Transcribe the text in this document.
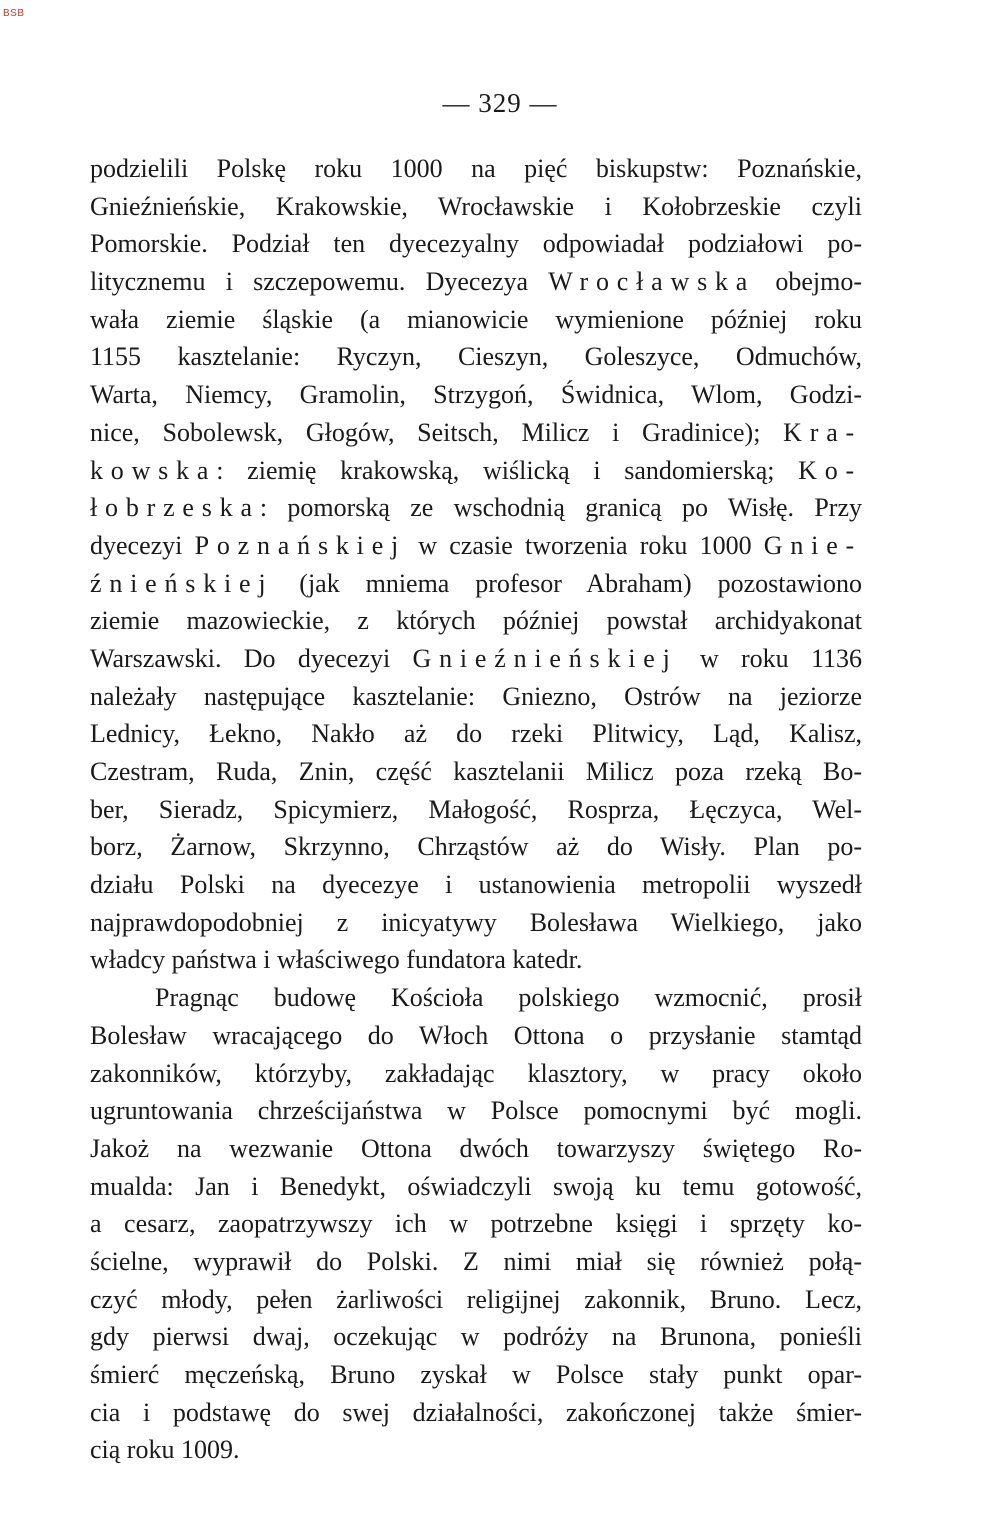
BSB
— 329 —
podzielili Polskę roku 1000 na pięć biskupstw: Poznańskie,
Gnieźnieńskie, Krakowskie, Wrocławskie i Kołobrzeskie czyli
Pomorskie. Podział ten dyecezyalny odpowiadał podziałowi po-
litycznemu i szczepowemu. Dyecezya Wrocławska obejmo-
wała ziemie śląskie (a mianowicie wymienione później roku
1155 kasztelanie: Ryczyn, Cieszyn, Goleszyce, Odmuchów,
Warta, Niemcy, Gramolin, Strzygoń, Świdnica, Wlom, Godzi-
nice, Sobolewsk, Głogów, Seitsch, Milicz i Gradinice); Kra-
kowska: ziemię krakowską, wiślicką i sandomierską; Ko-
łobrzeska: pomorską ze wschodnią granicą po Wisłę. Przy
dyecezyi Poznańskiej w czasie tworzenia roku 1000 Gnie-
źnieńskiej (jak mniema profesor Abraham) pozostawiono
ziemie mazowieckie, z których później powstał archidyakonat
Warszawski. Do dyecezyi Gnieźnieńskiej w roku 1136
należały następujące kasztelanie: Gniezno, Ostrów na jeziorze
Lednicy, Łekno, Nakło aż do rzeki Plitwicy, Ląd, Kalisz,
Czestram, Ruda, Znin, część kasztelanii Milicz poza rzeką Bo-
ber, Sieradz, Spicymierz, Małogość, Rosprza, Łęczyca, Wel-
borz, Żarnow, Skrzynno, Chrząstów aż do Wisły. Plan po-
działu Polski na dyecezye i ustanowienia metropolii wyszedł
najprawdopodobniej z inicyatywy Bolesława Wielkiego, jako
władcy państwa i właściwego fundatora katedr.
Pragnąc budowę Kościoła polskiego wzmocnić, prosił
Bolesław wracającego do Włoch Ottona o przysłanie stamtąd
zakonników, którzyby, zakładając klasztory, w pracy około
ugruntowania chrześcijaństwa w Polsce pomocnymi być mogli.
Jakoż na wezwanie Ottona dwóch towarzyszy świętego Ro-
mualda: Jan i Benedykt, oświadczyli swoją ku temu gotowość,
a cesarz, zaopatrzywszy ich w potrzebne księgi i sprzęty ko-
ścielne, wyprawił do Polski. Z nimi miał się również połą-
czyć młody, pełen żarliwości religijnej zakonnik, Bruno. Lecz,
gdy pierwsi dwaj, oczekując w podróży na Brunona, ponieśli
śmierć męczeńską, Bruno zyskał w Polsce stały punkt opar-
cia i podstawę do swej działalności, zakończonej także śmier-
cią roku 1009.
